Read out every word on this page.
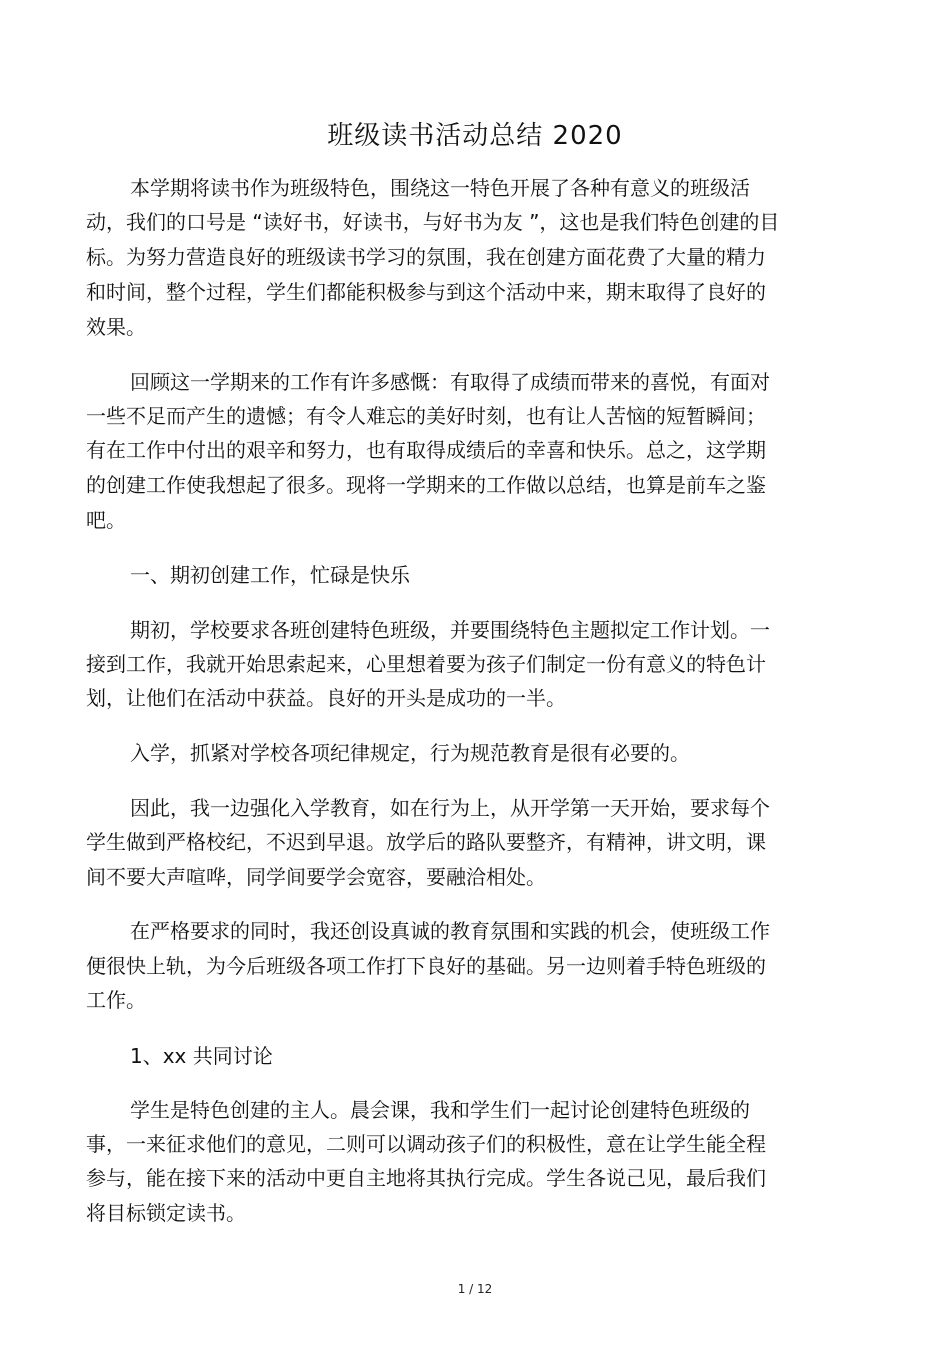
班级读书活动总结 2020
本学期将读书作为班级特色，围绕这一特色开展了各种有意义的班级活
动，我们的口号是 “读好书，好读书，与好书为友 ”，这也是我们特色创建的目
标。为努力营造良好的班级读书学习的氛围，我在创建方面花费了大量的精力
和时间，整个过程，学生们都能积极参与到这个活动中来，期末取得了良好的
效果。
回顾这一学期来的工作有许多感慨：有取得了成绩而带来的喜悦，有面对
一些不足而产生的遗憾；有令人难忘的美好时刻，也有让人苦恼的短暂瞬间；
有在工作中付出的艰辛和努力，也有取得成绩后的幸喜和快乐。总之，这学期
的创建工作使我想起了很多。现将一学期来的工作做以总结，也算是前车之鉴
吧。
一、期初创建工作，忙碌是快乐
期初，学校要求各班创建特色班级，并要围绕特色主题拟定工作计划。一
接到工作，我就开始思索起来，心里想着要为孩子们制定一份有意义的特色计
划，让他们在活动中获益。良好的开头是成功的一半。
入学，抓紧对学校各项纪律规定，行为规范教育是很有必要的。
因此，我一边强化入学教育，如在行为上，从开学第一天开始，要求每个
学生做到严格校纪，不迟到早退。放学后的路队要整齐，有精神，讲文明，课
间不要大声喧哗，同学间要学会宽容，要融洽相处。
在严格要求的同时，我还创设真诚的教育氛围和实践的机会，使班级工作
便很快上轨，为今后班级各项工作打下良好的基础。另一边则着手特色班级的
工作。
1、xx 共同讨论
学生是特色创建的主人。晨会课，我和学生们一起讨论创建特色班级的
事，一来征求他们的意见，二则可以调动孩子们的积极性，意在让学生能全程
参与，能在接下来的活动中更自主地将其执行完成。学生各说己见，最后我们
将目标锁定读书。
1 / 12
